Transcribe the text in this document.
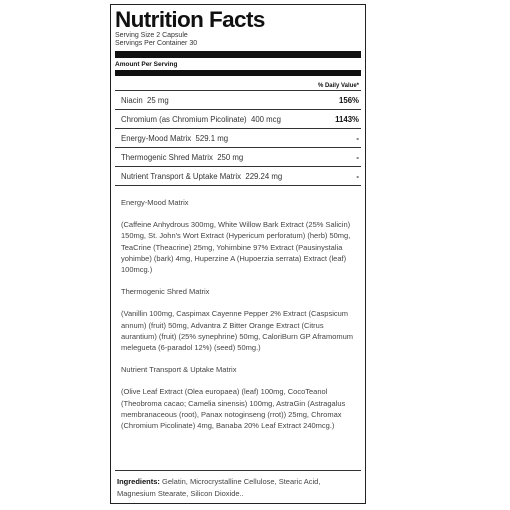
Nutrition Facts
Serving Size 2 Capsule
Servings Per Container 30
Amount Per Serving
% Daily Value*
Niacin 25 mg	156%
Chromium (as Chromium Picolinate) 400 mcg	1143%
Energy-Mood Matrix 529.1 mg	-
Thermogenic Shred Matrix 250 mg	-
Nutrient Transport & Uptake Matrix 229.24 mg	-
Energy-Mood Matrix
(Caffeine Anhydrous 300mg, White Willow Bark Extract (25% Salicin) 150mg, St. John's Wort Extract (Hypericum perforatum) (herb) 50mg, TeaCrine (Theacrine) 25mg, Yohimbine 97% Extract (Pausinystalia yohimbe) (bark) 4mg, Huperzine A (Hupoerzia serrata) Extract (leaf) 100mcg.)
Thermogenic Shred Matrix
(Vanillin 100mg, Caspimax Cayenne Pepper 2% Extract (Caspsicum annum) (fruit) 50mg, Advantra Z Bitter Orange Extract (Citrus aurantium) (fruit) (25% synephrine) 50mg, CaloriBurn GP Aframomum melegueta (6-paradol 12%) (seed) 50mg.)
Nutrient Transport & Uptake Matrix
(Olive Leaf Extract (Olea europaea) (leaf) 100mg, CocoTeanol (Theobroma cacao; Camelia sinensis) 100mg, AstraGin (Astragalus membranaceous (root), Panax notoginseng (rrot)) 25mg, Chromax (Chromium Picolinate) 4mg, Banaba 20% Leaf Extract 240mcg.)
Ingredients: Gelatin, Microcrystalline Cellulose, Stearic Acid, Magnesium Stearate, Silicon Dioxide..
